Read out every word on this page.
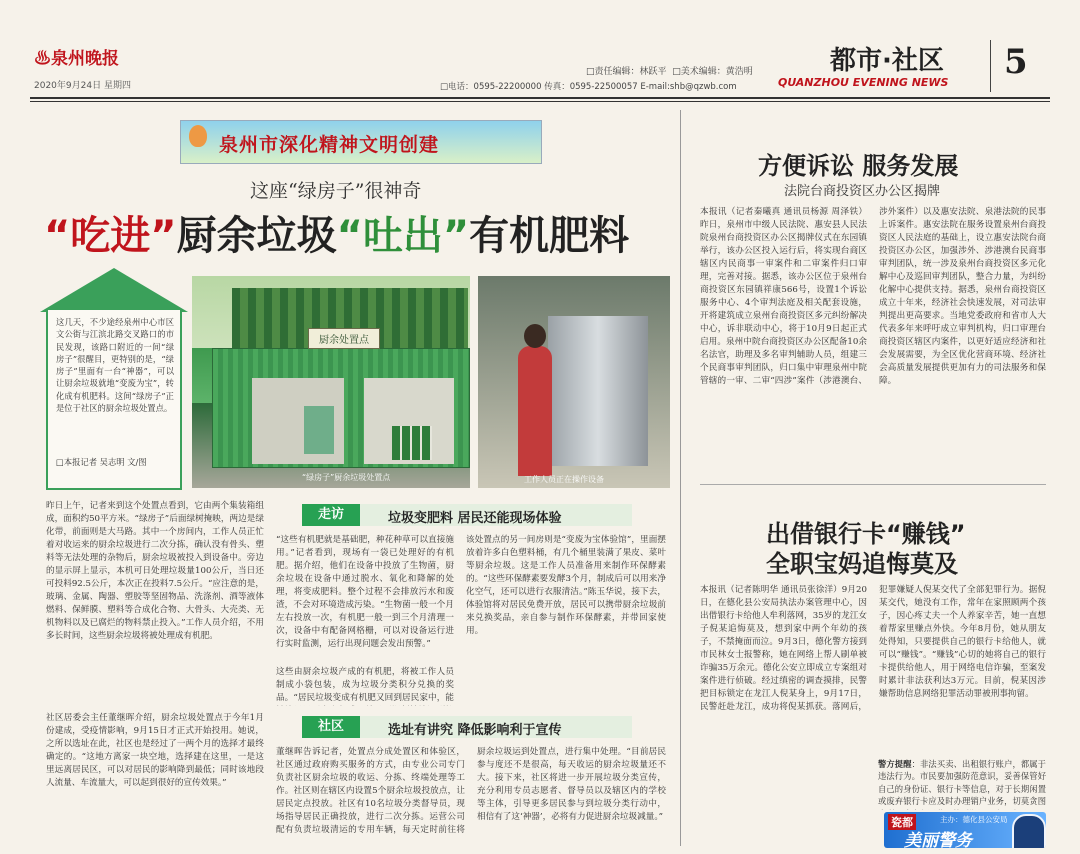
♨泉州晚报
2020年9月24日 星期四
□责任编辑：林跃平 □美术编辑：黄浩明
□电话：0595-22200000 传真：0595-22500057 E-mail:shb@qzwb.com
都市·社区
QUANZHOU EVENING NEWS
5
泉州市深化精神文明创建
这座“绿房子”很神奇
“吃进”厨余垃圾“吐出”有机肥料
这几天，不少途经泉州中心市区文公街与江滨北路交叉路口的市民发现，该路口附近的一间“绿房子”很醒目，更特别的是，“绿房子”里面有一台“神器”，可以让厨余垃圾就地“变废为宝”，转化成有机肥料。这间“绿房子”正是位于社区的厨余垃圾处置点。
□本报记者 吴志明 文/图
厨余处置点
“绿房子”厨余垃圾处置点	工作人员正在操作设备
昨日上午，记者来到这个处置点看到，它由两个集装箱组成，面积约50平方米。“绿房子”后面绿树掩映，两边是绿化带，前面则是大马路。其中一个房间内，工作人员正忙着对收运来的厨余垃圾进行二次分拣，确认没有骨头、塑料等无法处理的杂物后，厨余垃圾被投入到设备中。旁边的显示屏上显示，本机可日处理垃圾量100公斤，当日还可投料92.5公斤，本次正在投料7.5公斤。“应注意的是，玻璃、金属、陶器、塑胶等坚固物品、洗涤剂、酒等液体燃料、保鲜膜、塑料等合成化合物、大骨头、大壳类、无机物料以及已腐烂的物料禁止投入。”工作人员介绍，不用多长时间，这些厨余垃圾将被处理成有机肥。
走访	垃圾变肥料 居民还能现场体验
“这些有机肥就是基础肥，种花种草可以直接施用。”记者看到，现场有一袋已处理好的有机肥。据介绍，他们在设备中投放了生物菌，厨余垃圾在设备中通过脱水、氧化和降解的处理，将变成肥料。整个过程不会排放污水和废渣，不会对环境造成污染。“生物菌一般一个月左右投放一次，有机肥一般一到三个月清理一次，设备中有配备网格栅，可以对设备运行进行实时监测，运行出现问题会发出预警。”
这些由厨余垃圾产成的有机肥，将被工作人员制成小袋包装，成为垃圾分类积分兑换的奖品。“居民垃圾变成有机肥又回到居民家中，能
该处置点的另一间房则是“变废为宝体验馆”，里面摆放着许多白色塑料桶，有几个桶里装满了果皮、菜叶等厨余垃圾。这是工作人员准备用来制作环保酵素的。“这些环保酵素要发酵3个月，制成后可以用来净化空气，还可以进行衣服清洁。”陈玉华说，接下去，体验馆将对居民免费开放，居民可以携带厨余垃圾前来兑换奖品，亲自参与制作环保酵素，并带回家使用。
社区居委会主任董继晖介绍，厨余垃圾处置点于今年1月份建成，受疫情影响，9月15日才正式开始投用。她说，之所以选址在此，社区也是经过了一两个月的选择才最终确定的。“这地方离家一块空地，选择建在这里，一是这里远离居民区，可以对居民的影响降到最低；同时该地段人流量、车流量大，可以起到很好的宣传效果。”
社区	选址有讲究 降低影响利于宣传
董继晖告诉记者，处置点分成处置区和体验区，社区通过政府购买服务的方式，由专业公司专门负责社区厨余垃圾的收运、分拣、终端处理等工作。社区则在辖区内设置5个厨余垃圾投放点，让居民定点投放。社区有10名垃圾分类督导员，现场指导居民正确投放，进行二次分拣。运营公司配有负责垃圾清运的专用车辆，每天定时前往将厨余垃圾运到处置点，进行集中处理。“目前居民参与度还不是很高，每天收运的厨余垃圾量还不大。接下来，社区将进一步开展垃圾分类宣传，充分利用专员志愿者、督导员以及辖区内的学校等主体，引导更多居民参与到垃圾分类行动中，相信有了这‘神器’，必将有力促进厨余垃圾减量。”
方便诉讼 服务发展
法院台商投资区办公区揭牌
本报讯（记者秦曦真 通讯员杨源 周泽铁）昨日，泉州市中级人民法院、惠安县人民法院泉州台商投资区办公区揭牌仪式在东园镇举行，该办公区投入运行后，将实现台商区辖区内民商事一审案件和二审案件归口审理，完善对接。据悉，该办公区位于泉州台商投资区东园镇祥康566号，设置1个诉讼服务中心、4个审判法庭及相关配套设施，开将建筑成立泉州台商投资区多元纠纷解决中心，诉非联动中心，将于10月9日起正式启用。泉州中院台商投资区办公区配备10余名法官，助理及多名审判辅助人员，组建三个民商事审判团队，归口集中审理泉州中院管辖的一审、二审“四涉”案件（涉港澳台、涉外案件）以及惠安法院、泉港法院的民事上诉案件。惠安法院在服务设置泉州台商投资区人民法庭的基础上，设立惠安法院台商投资区办公区，加强涉外、涉港澳台民商事审判团队，统一涉及泉州台商投资区多元化解中心及巡回审判团队，整合力量，为纠纷化解中心提供支持。据悉，泉州台商投资区成立十年来，经济社会快速发展，对司法审判提出更高要求。当地党委政府和省市人大代表多年来呼吁成立审判机构，归口审理台商投资区辖区内案件，以更好适应经济和社会发展需要，为全区优化营商环境、经济社会高质量发展提供更加有力的司法服务和保障。
出借银行卡“赚钱”
全职宝妈追悔莫及
本报讯（记者陈明华 通讯员张徐洋）9月20日，在德化县公安局执法办案管理中心，因出借银行卡给他人牟利落网，35岁的龙江女子倪某追悔莫及，想到家中两个年幼的孩子，不禁掩面而泣。9月3日，德化警方接到市民林女士报警称，她在网络上帮人刷单被诈骗35万余元。德化公安立即成立专案组对案件进行侦破。经过缜密的调查摸排，民警把目标锁定在龙江人倪某身上，9月17日，民警赶赴龙江，成功将倪某抓获。落网后，犯罪嫌疑人倪某交代了全部犯罪行为。据倪某交代，她没有工作，常年在家照顾两个孩子，因心疼丈夫一个人养家辛苦，她一直想着帮家里赚点外快。今年8月份，她从朋友处得知，只要提供自己的银行卡给他人，就可以“赚钱”。“赚钱”心切的她将自己的银行卡提供给他人，用于网络电信诈骗，至案发时累计非法获利达3万元。目前，倪某因涉嫌帮助信息网络犯罪活动罪被刑事拘留。
警方提醒：非法买卖、出租银行账户，都属于违法行为。市民要加强防范意识，妥善保管好自己的身份证、银行卡等信息，对于长期闲置或废弃银行卡应及时办理销户业务，切莫贪图
瓷都
美丽警务
主办：德化县公安局
